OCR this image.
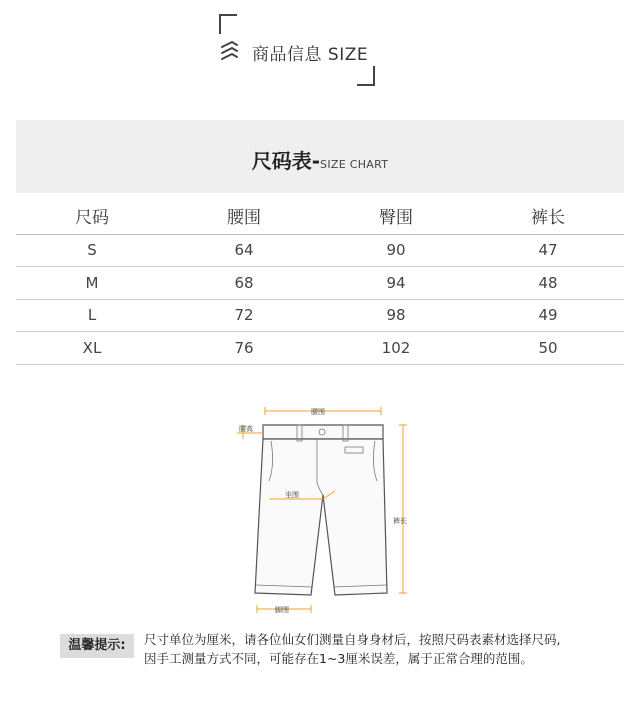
商品信息 SIZE
尺码表-SIZE CHART
尺码	腰围	臀围	裤长
S	64	90	47
M	68	94	48
L	72	98	49
XL	76	102	50
腰围
腰高
坐围
裤长
脚围
温馨提示:	尺寸单位为厘米，请各位仙女们测量自身身材后，按照尺码表素材选择尺码,
因手工测量方式不同，可能存在1~3厘米误差，属于正常合理的范围。
